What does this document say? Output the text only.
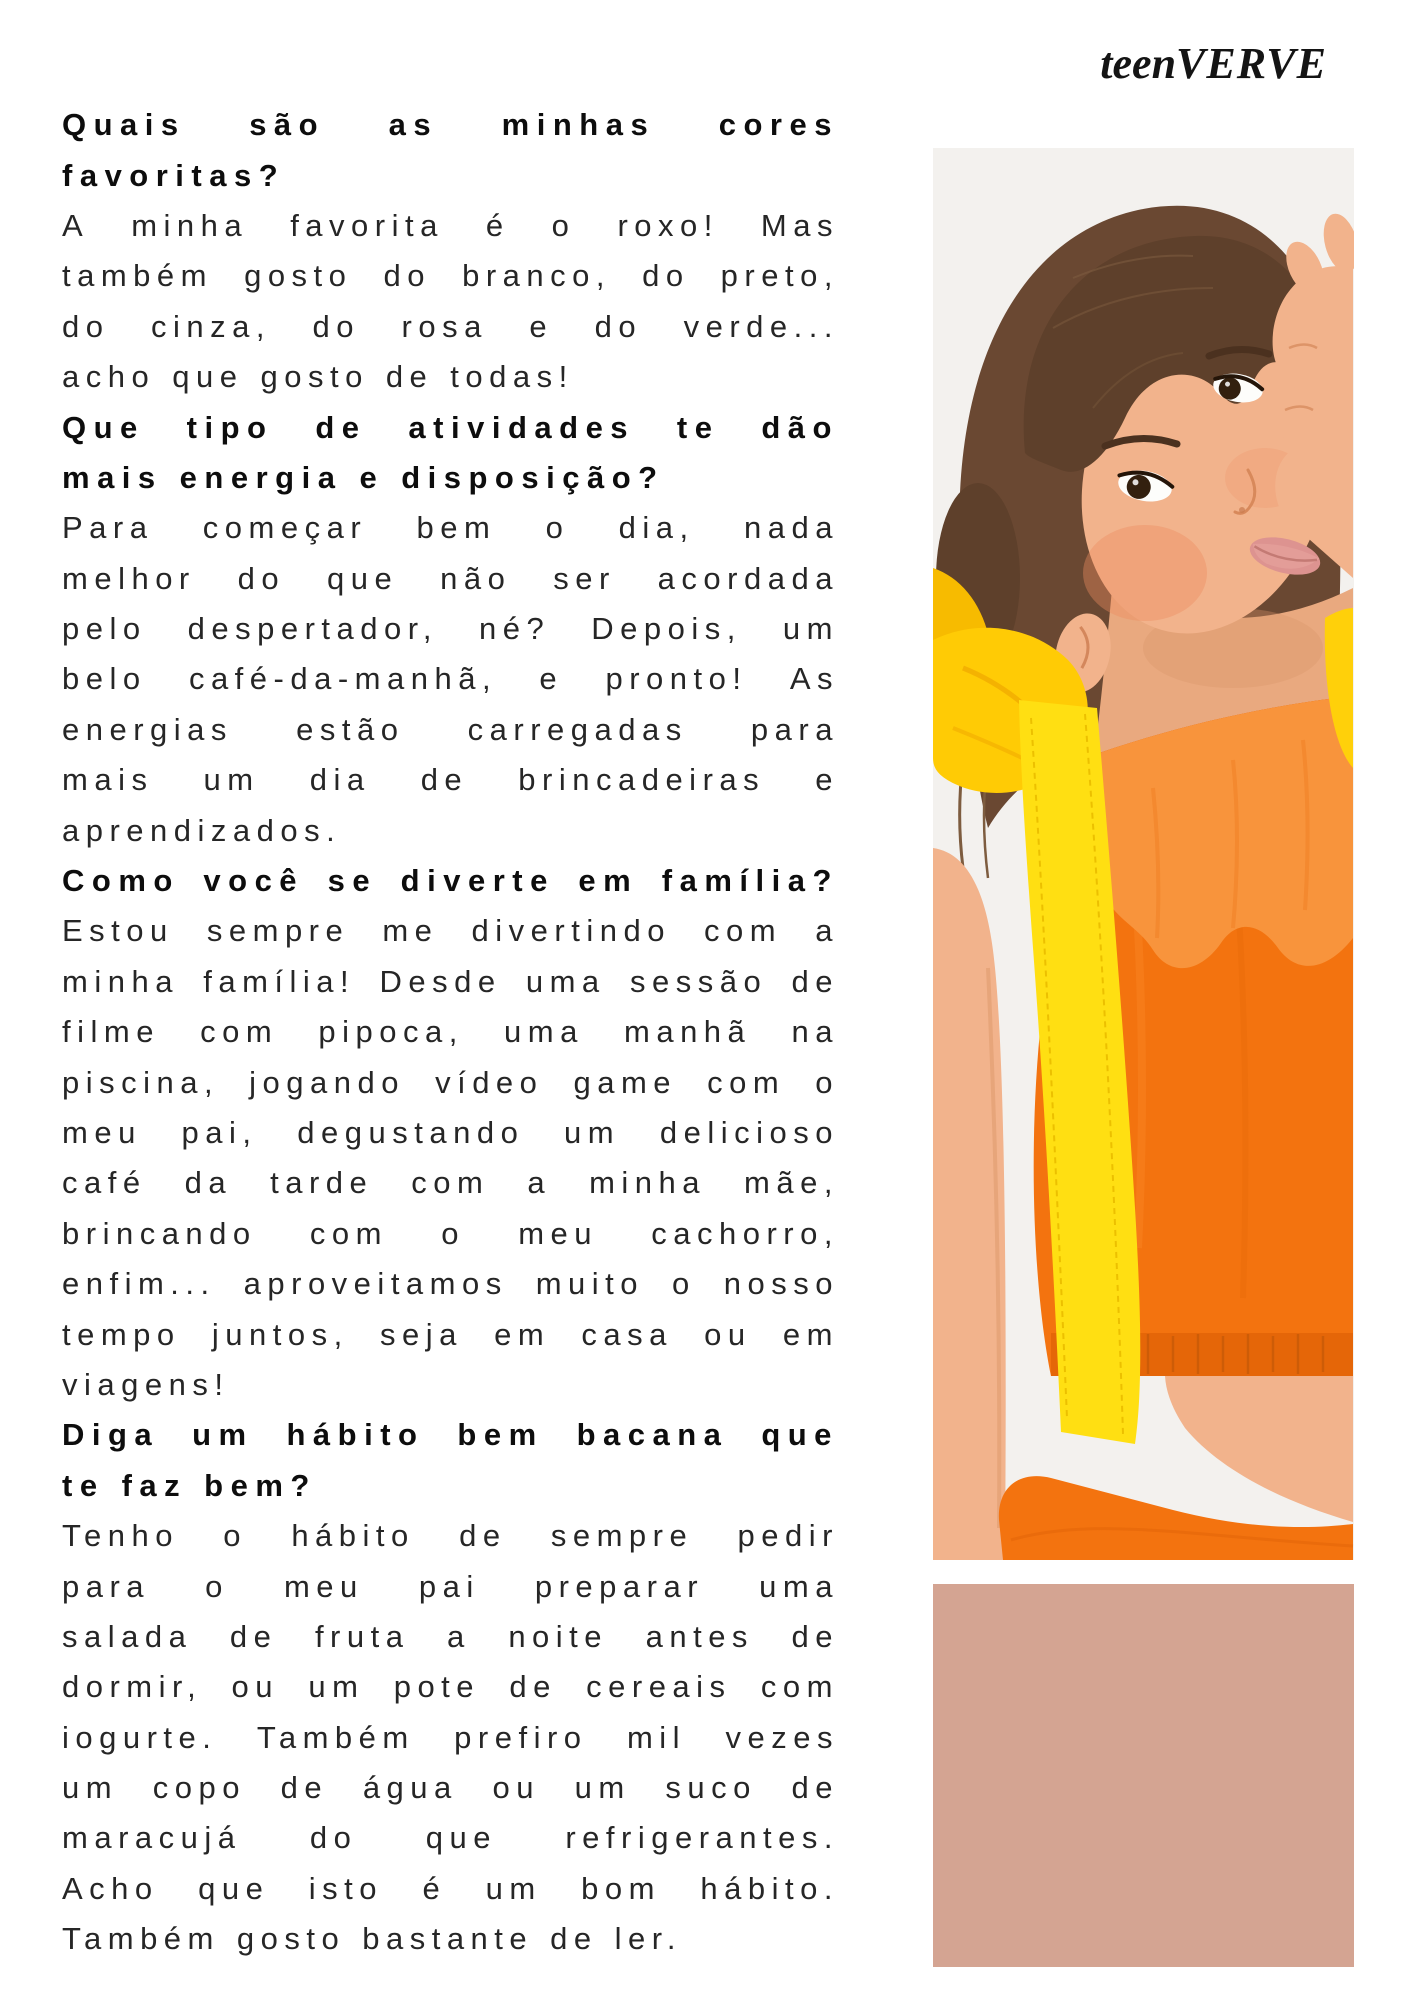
teenVERVE
Quais são as minhas cores
favoritas?
A minha favorita é o roxo! Mas
também gosto do branco, do preto,
do cinza, do rosa e do verde...
acho que gosto de todas!
Que tipo de atividades te dão
mais energia e disposição?
Para começar bem o dia, nada
melhor do que não ser acordada
pelo despertador, né? Depois, um
belo café-da-manhã, e pronto! As
energias estão carregadas para
mais um dia de brincadeiras e
aprendizados.
Como você se diverte em família?
Estou sempre me divertindo com a
minha família! Desde uma sessão de
filme com pipoca, uma manhã na
piscina, jogando vídeo game com o
meu pai, degustando um delicioso
café da tarde com a minha mãe,
brincando com o meu cachorro,
enfim... aproveitamos muito o nosso
tempo juntos, seja em casa ou em
viagens!
Diga um hábito bem bacana que
te faz bem?
Tenho o hábito de sempre pedir
para o meu pai preparar uma
salada de fruta a noite antes de
dormir, ou um pote de cereais com
iogurte. Também prefiro mil vezes
um copo de água ou um suco de
maracujá do que refrigerantes.
Acho que isto é um bom hábito.
Também gosto bastante de ler.
